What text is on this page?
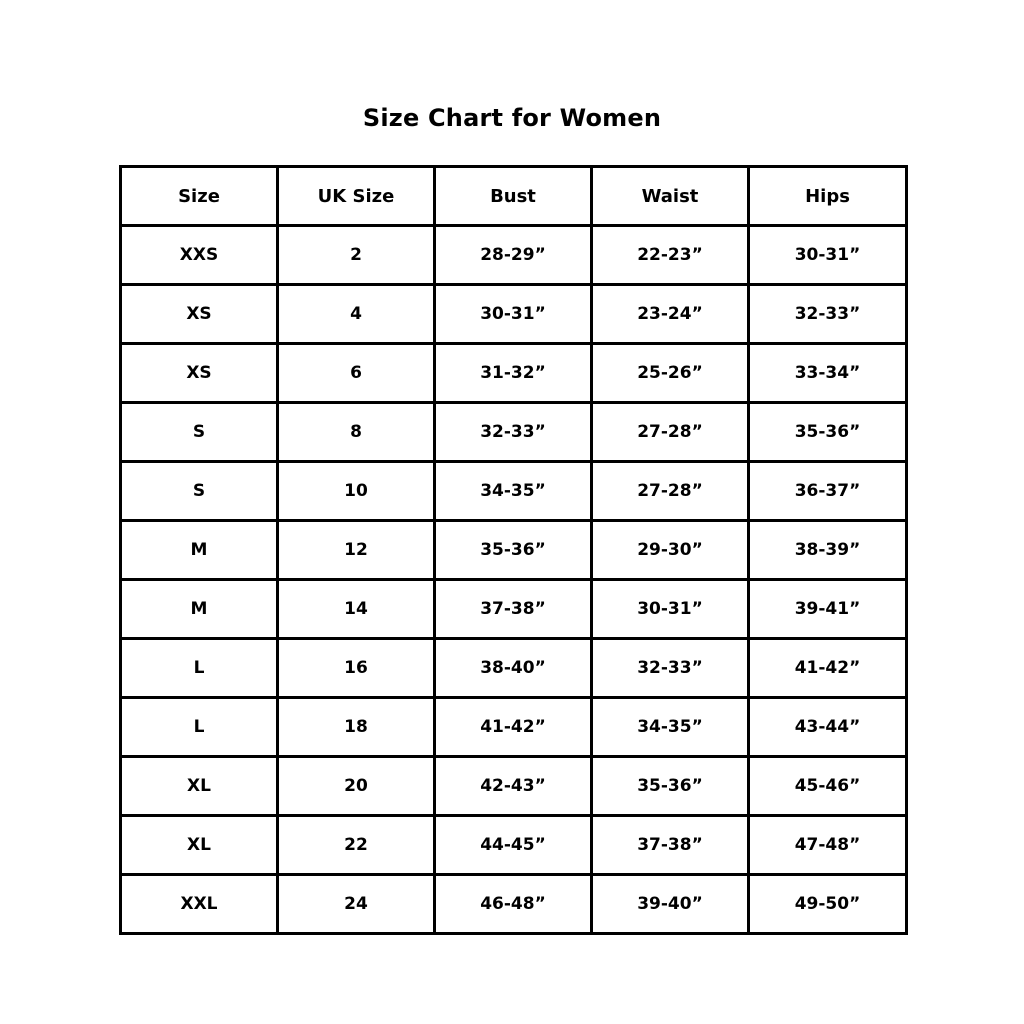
Size Chart for Women
Size	UK Size	Bust	Waist	Hips
XXS	2	28-29”	22-23”	30-31”
XS	4	30-31”	23-24”	32-33”
XS	6	31-32”	25-26”	33-34”
S	8	32-33”	27-28”	35-36”
S	10	34-35”	27-28”	36-37”
M	12	35-36”	29-30”	38-39”
M	14	37-38”	30-31”	39-41”
L	16	38-40”	32-33”	41-42”
L	18	41-42”	34-35”	43-44”
XL	20	42-43”	35-36”	45-46”
XL	22	44-45”	37-38”	47-48”
XXL	24	46-48”	39-40”	49-50”
